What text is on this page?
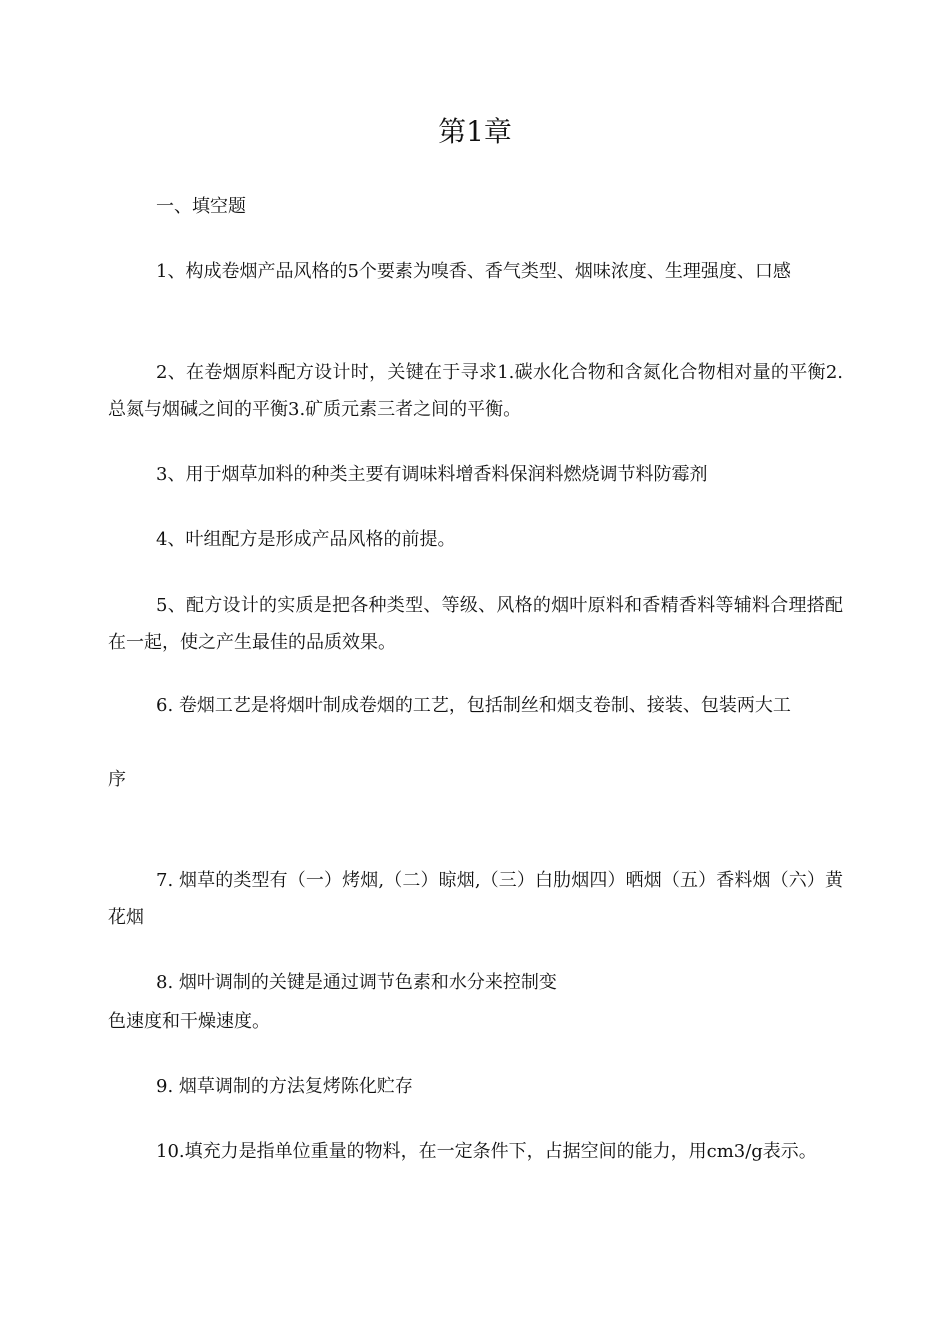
第1章

一、填空题

1、构成卷烟产品风格的5个要素为嗅香、香气类型、烟味浓度、生理强度、口感

2、在卷烟原料配方设计时，关键在于寻求1.碳水化合物和含氮化合物相对量的平衡2.总氮与烟碱之间的平衡3.矿质元素三者之间的平衡。

3、用于烟草加料的种类主要有调味料增香料保润料燃烧调节料防霉剂

4、叶组配方是形成产品风格的前提。

5、配方设计的实质是把各种类型、等级、风格的烟叶原料和香精香料等辅料合理搭配在一起，使之产生最佳的品质效果。

6. 卷烟工艺是将烟叶制成卷烟的工艺，包括制丝和烟支卷制、接装、包装两大工

序

7. 烟草的类型有（一）烤烟,（二）晾烟,（三）白肋烟四）晒烟（五）香料烟（六）黄花烟

8. 烟叶调制的关键是通过调节色素和水分来控制变

色速度和干燥速度。

9. 烟草调制的方法复烤陈化贮存

10.填充力是指单位重量的物料，在一定条件下，占据空间的能力，用cm3/g表示。
